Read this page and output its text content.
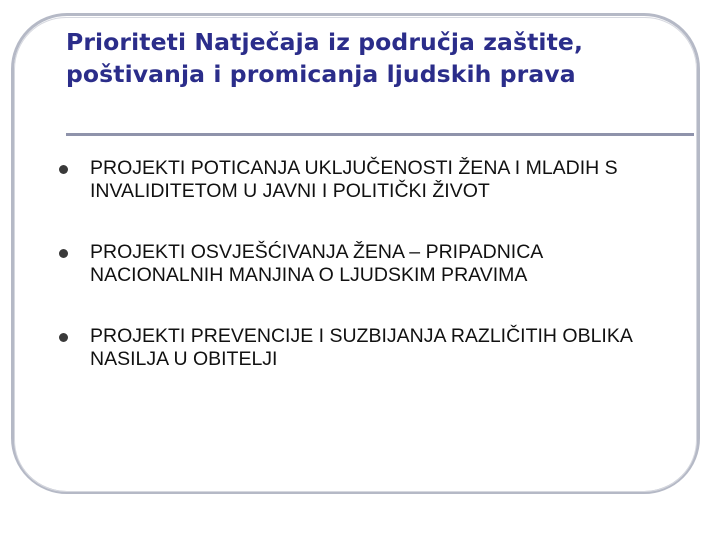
Prioriteti Natječaja iz područja zaštite, poštivanja i promicanja ljudskih prava
PROJEKTI POTICANJA UKLJUČENOSTI ŽENA I MLADIH S INVALIDITETOM U JAVNI I POLITIČKI ŽIVOT
PROJEKTI OSVJEŠĆIVANJA ŽENA – PRIPADNICA NACIONALNIH MANJINA O LJUDSKIM PRAVIMA
PROJEKTI PREVENCIJE I SUZBIJANJA RAZLIČITIH OBLIKA NASILJA U OBITELJI
